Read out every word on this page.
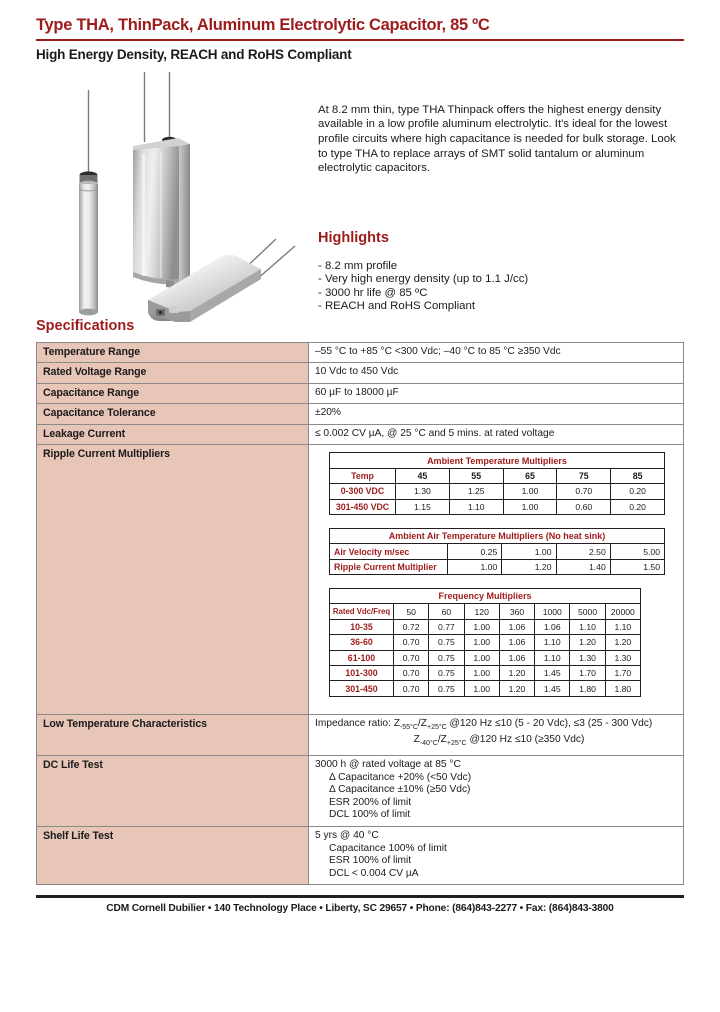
Type THA, ThinPack, Aluminum Electrolytic Capacitor, 85 ºC
High Energy Density, REACH and RoHS Compliant

At 8.2 mm thin, type THA Thinpack offers the highest energy density available in a low profile aluminum electrolytic. It's ideal for the lowest profile circuits where high capacitance is needed for bulk storage. Look to type THA to replace arrays of SMT solid tantalum or aluminum electrolytic capacitors.

Highlights
- 8.2 mm profile
- Very high energy density (up to 1.1 J/cc)
- 3000 hr life @ 85 ºC
- REACH and RoHS Compliant
Specifications
Temperature Range	–55 °C to +85 °C <300 Vdc; –40 °C to 85 °C ≥350 Vdc
Rated Voltage Range	10 Vdc to 450 Vdc
Capacitance Range	60 µF to 18000 µF
Capacitance Tolerance	±20%
Leakage Current	≤ 0.002 CV µA, @ 25 °C and 5 mins. at rated voltage
Ripple Current Multipliers	
Ambient Temperature Multipliers
Temp	45	55	65	75	85
0-300 VDC	1.30	1.25	1.00	0.70	0.20
301-450 VDC	1.15	1.10	1.00	0.60	0.20
Ambient Air Temperature Multipliers (No heat sink)
Air Velocity m/sec	0.25	1.00	2.50	5.00
Ripple Current Multiplier	1.00	1.20	1.40	1.50
Frequency Multipliers
Rated Vdc/Freq	50	60	120	360	1000	5000	20000
10-35	0.72	0.77	1.00	1.06	1.06	1.10	1.10
36-60	0.70	0.75	1.00	1.06	1.10	1.20	1.20
61-100	0.70	0.75	1.00	1.06	1.10	1.30	1.30
101-300	0.70	0.75	1.00	1.20	1.45	1.70	1.70
301-450	0.70	0.75	1.00	1.20	1.45	1.80	1.80

Low Temperature Characteristics	Impedance ratio: $Z_{-55^\circ C}/Z_{+25^\circ C}$ @120 Hz ≤10 (5 - 20 Vdc), ≤3 (25 - 300 Vdc)
$Z_{-40^\circ C}/Z_{+25^\circ C}$ @120 Hz ≤10 (≥350 Vdc)

DC Life Test	3000 h @ rated voltage at 85 °C
Δ Capacitance +20% (<50 Vdc)
Δ Capacitance ±10% (≥50 Vdc)
ESR 200% of limit
DCL 100% of limit

Shelf Life Test	5 yrs @ 40 °C
Capacitance 100% of limit
ESR 100% of limit
DCL < 0.004 CV µA
CDM Cornell Dubilier • 140 Technology Place • Liberty, SC 29657 • Phone: (864)843-2277 • Fax: (864)843-3800
